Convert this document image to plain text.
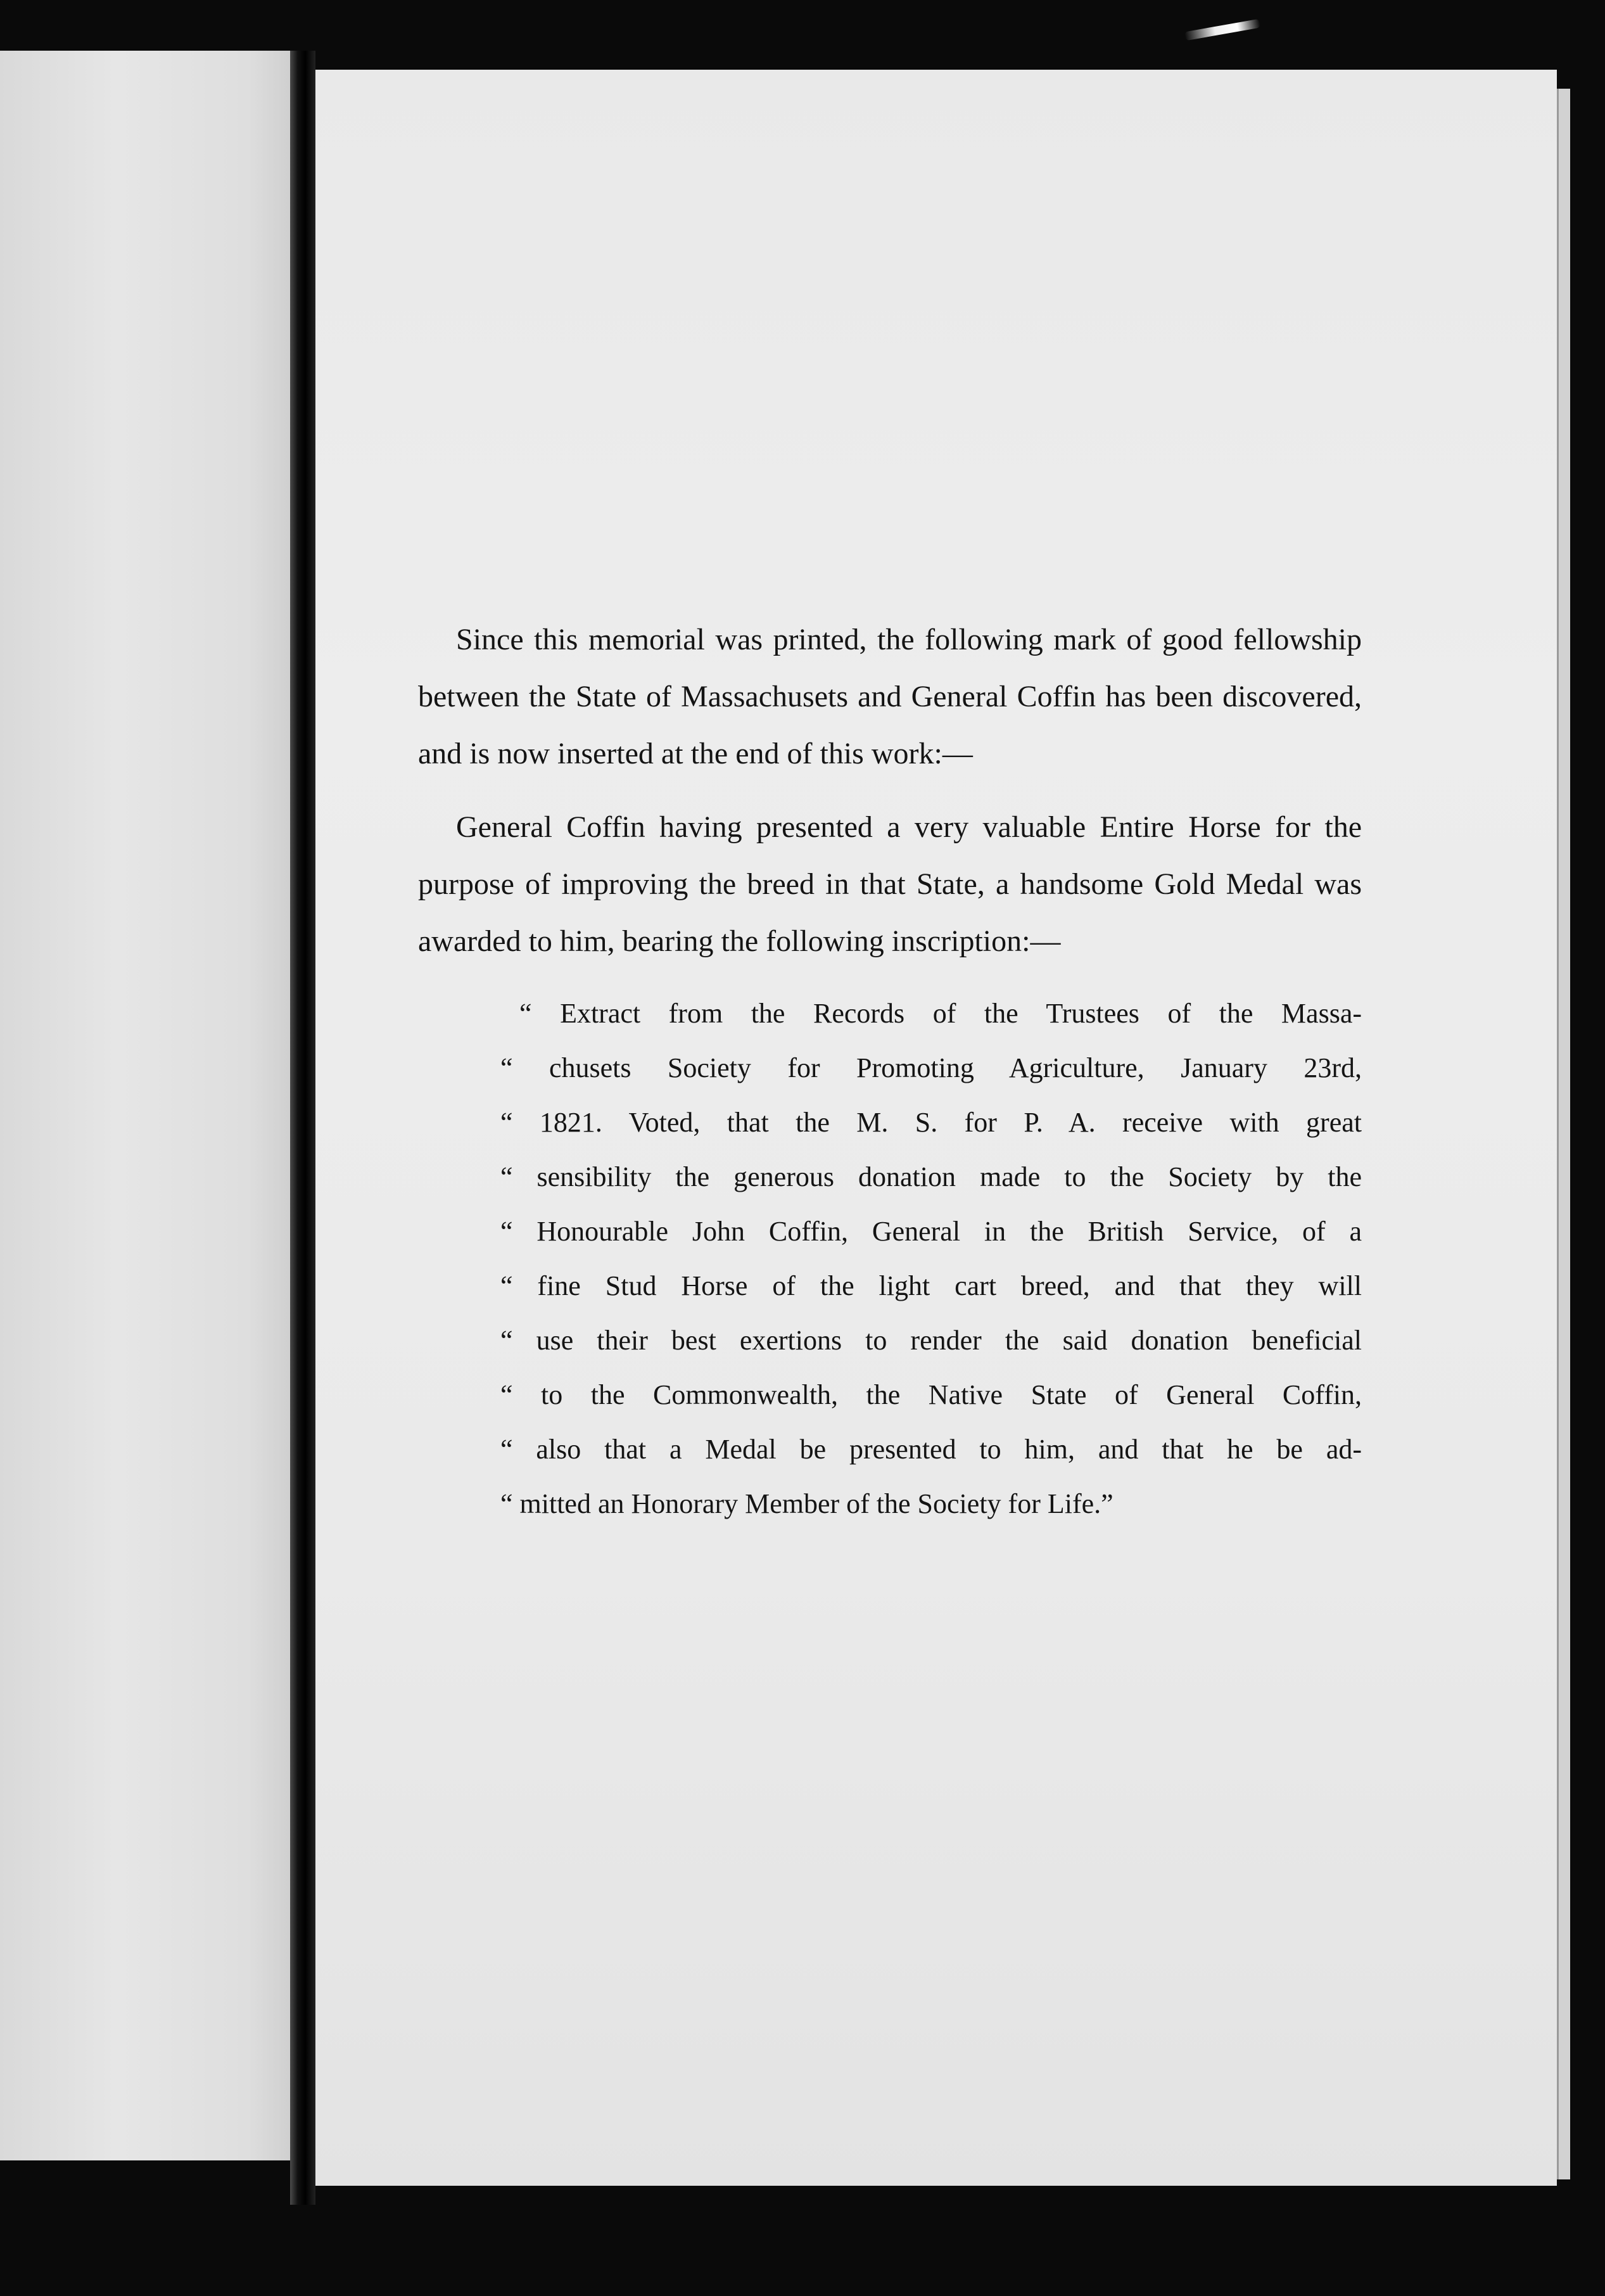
Since this memorial was printed, the following mark of good fellowship between the State of Massachusets and General Coffin has been discovered, and is now inserted at the end of this work:—

General Coffin having presented a very valuable Entire Horse for the purpose of improving the breed in that State, a handsome Gold Medal was awarded to him, bearing the following inscription:—

“ Extract from the Records of the Trustees of the Massa-
“ chusets Society for Promoting Agriculture, January 23rd,
“ 1821. Voted, that the M. S. for P. A. receive with great
“ sensibility the generous donation made to the Society by the
“ Honourable John Coffin, General in the British Service, of a
“ fine Stud Horse of the light cart breed, and that they will
“ use their best exertions to render the said donation beneficial
“ to the Commonwealth, the Native State of General Coffin,
“ also that a Medal be presented to him, and that he be ad-
“ mitted an Honorary Member of the Society for Life.”
